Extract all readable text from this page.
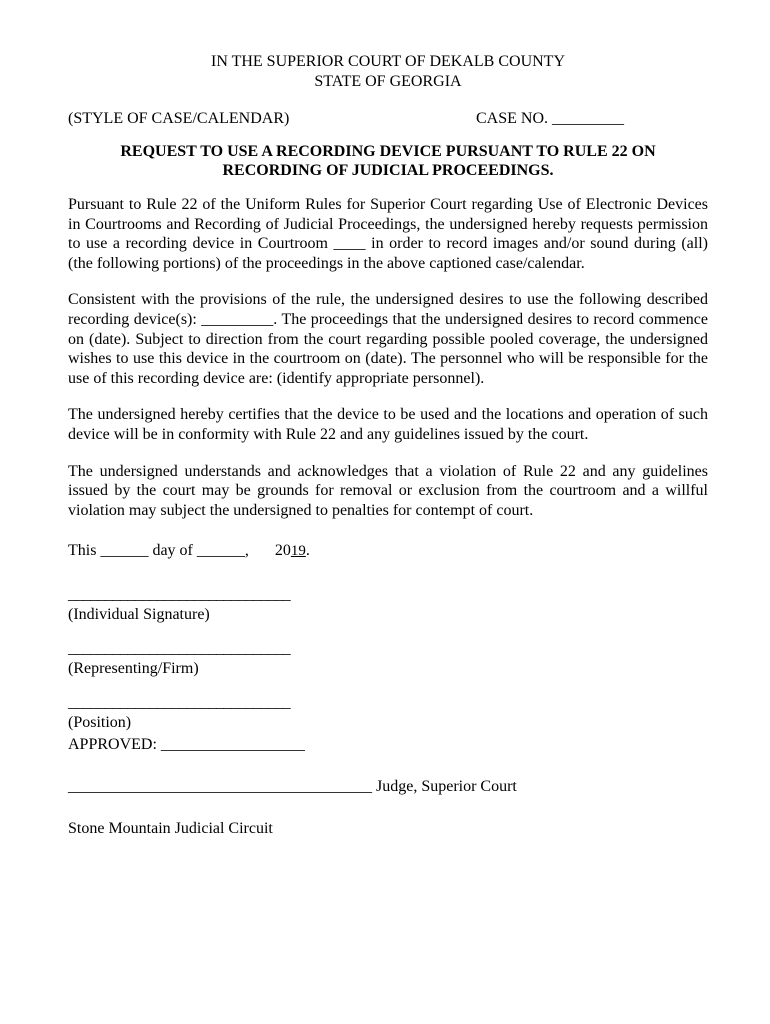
IN THE SUPERIOR COURT OF DEKALB COUNTY
STATE OF GEORGIA
(STYLE OF CASE/CALENDAR)	CASE NO. _________
REQUEST TO USE A RECORDING DEVICE PURSUANT TO RULE 22 ON
RECORDING OF JUDICIAL PROCEEDINGS.

Pursuant to Rule 22 of the Uniform Rules for Superior Court regarding Use of Electronic Devices in Courtrooms and Recording of Judicial Proceedings, the undersigned hereby requests permission to use a recording device in Courtroom ____ in order to record images and/or sound during (all) (the following portions) of the proceedings in the above captioned case/calendar.

Consistent with the provisions of the rule, the undersigned desires to use the following described recording device(s): _________. The proceedings that the undersigned desires to record commence on (date). Subject to direction from the court regarding possible pooled coverage, the undersigned wishes to use this device in the courtroom on (date). The personnel who will be responsible for the use of this recording device are: (identify appropriate personnel).

The undersigned hereby certifies that the device to be used and the locations and operation of such device will be in conformity with Rule 22 and any guidelines issued by the court.

The undersigned understands and acknowledges that a violation of Rule 22 and any guidelines issued by the court may be grounds for removal or exclusion from the courtroom and a willful violation may subject the undersigned to penalties for contempt of court.

This ______ day of ______, 2019.
______________________________
(Individual Signature)
______________________________
(Representing/Firm)
______________________________
(Position)
APPROVED: __________________
______________________________________ Judge, Superior Court
Stone Mountain Judicial Circuit
